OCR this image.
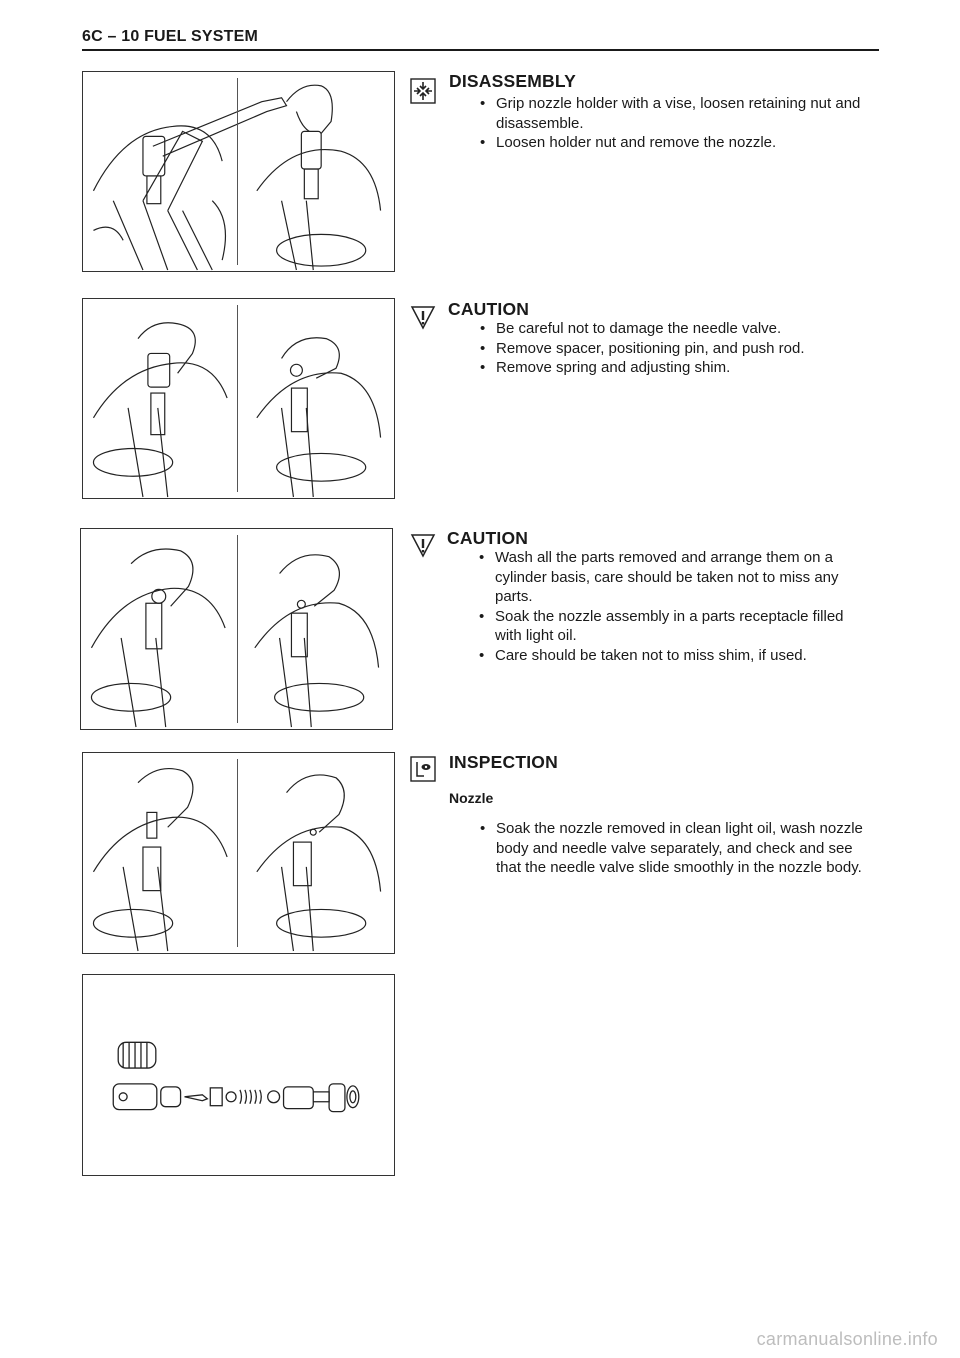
6C – 10 FUEL SYSTEM
DISASSEMBLY
• Grip nozzle holder with a vise, loosen retaining nut and disassemble.
• Loosen holder nut and remove the nozzle.
CAUTION
• Be careful not to damage the needle valve.
• Remove spacer, positioning pin, and push rod.
• Remove spring and adjusting shim.
CAUTION
• Wash all the parts removed and arrange them on a cylinder basis, care should be taken not to miss any parts.
• Soak the nozzle assembly in a parts receptacle filled with light oil.
• Care should be taken not to miss shim, if used.
INSPECTION
Nozzle
• Soak the nozzle removed in clean light oil, wash nozzle body and needle valve separately, and check and see that the needle valve slide smoothly in the nozzle body.
carmanualsonline.info
